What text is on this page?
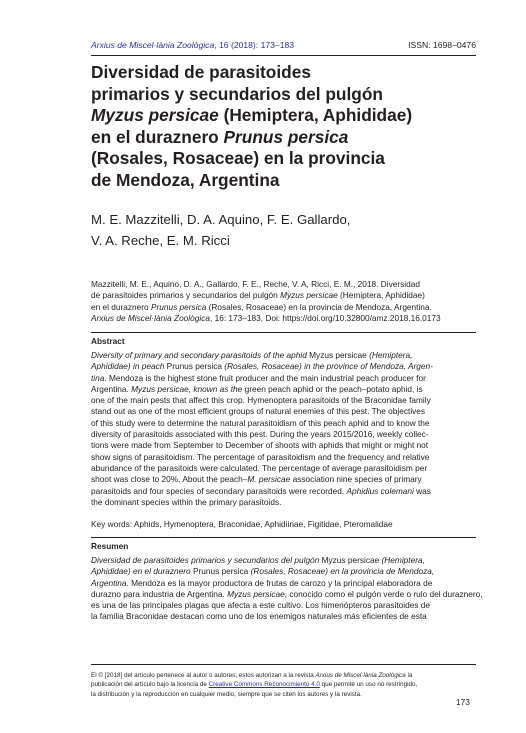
Arxius de Miscel·lània Zoològica, 16 (2018): 173–183	ISSN: 1698–0476
Diversidad de parasitoides
primarios y secundarios del pulgón
Myzus persicae (Hemiptera, Aphididae)
en el duraznero Prunus persica
(Rosales, Rosaceae) en la provincia
de Mendoza, Argentina
M. E. Mazzitelli, D. A. Aquino, F. E. Gallardo,
V. A. Reche, E. M. Ricci
Mazzitelli, M. E., Aquino, D. A., Gallardo, F. E., Reche, V. A, Ricci, E. M., 2018. Diversidad
de parasitoides primarios y secundarios del pulgón Myzus persicae (Hemiptera, Aphididae)
en el duraznero Prunus persica (Rosales, Rosaceae) en la provincia de Mendoza, Argentina.
Arxius de Miscel·lània Zoològica, 16: 173–183, Doi: https://doi.org/10.32800/amz.2018.16.0173
Abstract
Diversity of primary and secondary parasitoids of the aphid Myzus persicae (Hemiptera,
Aphididae) in peach Prunus persica (Rosales, Rosaceae) in the province of Mendoza, Argen-
tina. Mendoza is the highest stone fruit producer and the main industrial peach producer for
Argentina. Myzus persicae, known as the green peach aphid or the peach–potato aphid, is
one of the main pests that affect this crop. Hymenoptera parasitoids of the Braconidae family
stand out as one of the most efficient groups of natural enemies of this pest. The objectives
of this study were to determine the natural parasitoidism of this peach aphid and to know the
diversity of parasitoids associated with this pest. During the years 2015/2016, weekly collec-
tions were made from September to December of shoots with aphids that might or might not
show signs of parasitoidism. The percentage of parasitoidism and the frequency and relative
abundance of the parasitoids were calculated. The percentage of average parasitoidism per
shoot was close to 20%. About the peach–M. persicae association nine species of primary
parasitoids and four species of secondary parasitoids were recorded. Aphidius colemani was
the dominant species within the primary parasitoids.
Key words: Aphids, Hymenoptera, Braconidae, Aphidiinae, Figitidae, Pteromalidae
Resumen
Diversidad de parasitoides primarios y secundarios del pulgón Myzus persicae (Hemiptera,
Aphididae) en el duraznero Prunus persica (Rosales, Rosaceae) en la provincia de Mendoza,
Argentina. Mendoza es la mayor productora de frutas de carozo y la principal elaboradora de
durazno para industria de Argentina. Myzus persicae, conocido como el pulgón verde o rulo del duraznero,
es una de las principales plagas que afecta a este cultivo. Los himenópteros parasitoides de
la familia Braconidae destacan como uno de los enemigos naturales más eficientes de esta
El © [2018] del artículo pertenece al autor o autores; estos autorizan a la revista Arxius de Miscel·lània Zoològica la
publicación del artículo bajo la licencia de Creative Commons Reconocimiento 4.0 que permite un uso no restringido,
la distribución y la reproducción en cualquier medio, siempre que se citen los autores y la revista.
173
